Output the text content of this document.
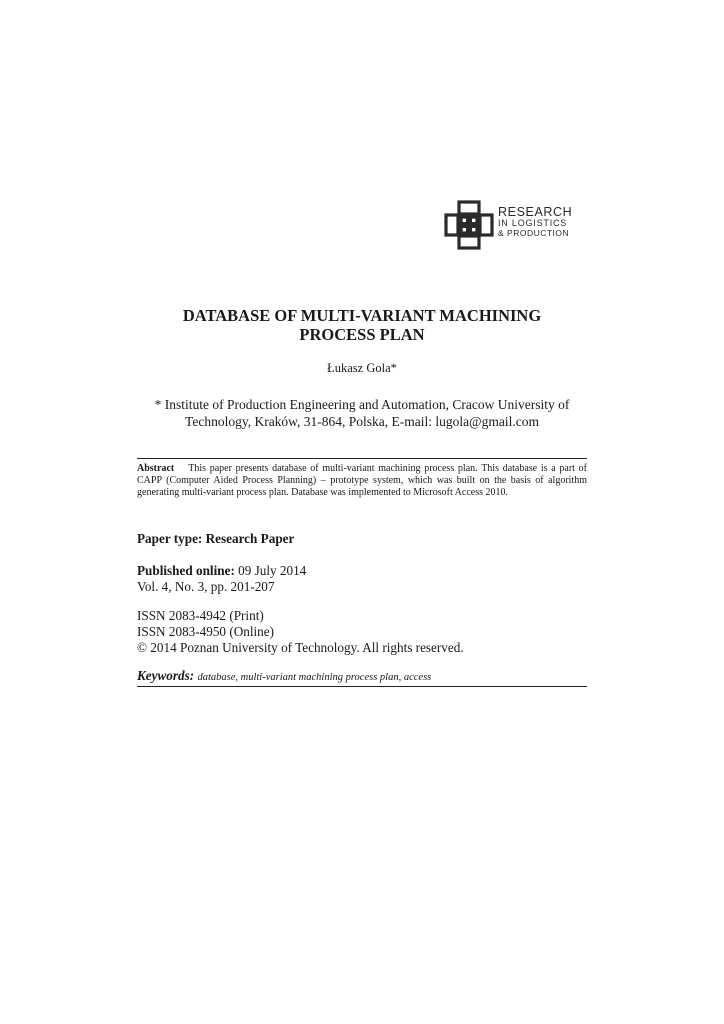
RESEARCH
IN LOGISTICS
& PRODUCTION
DATABASE OF MULTI-VARIANT MACHINING
PROCESS PLAN
Łukasz Gola*
* Institute of Production Engineering and Automation, Cracow University of
Technology, Kraków, 31-864, Polska, E-mail: lugola@gmail.com
Abstract This paper presents database of multi-variant machining process plan. This database is a part of CAPP (Computer Aided Process Planning) – prototype system, which was built on the basis of algorithm generating multi-variant process plan. Database was implemented to Microsoft Access 2010.
Paper type: Research Paper
Published online: 09 July 2014
Vol. 4, No. 3, pp. 201-207
ISSN 2083-4942 (Print)
ISSN 2083-4950 (Online)
© 2014 Poznan University of Technology. All rights reserved.
Keywords: database, multi-variant machining process plan, access
